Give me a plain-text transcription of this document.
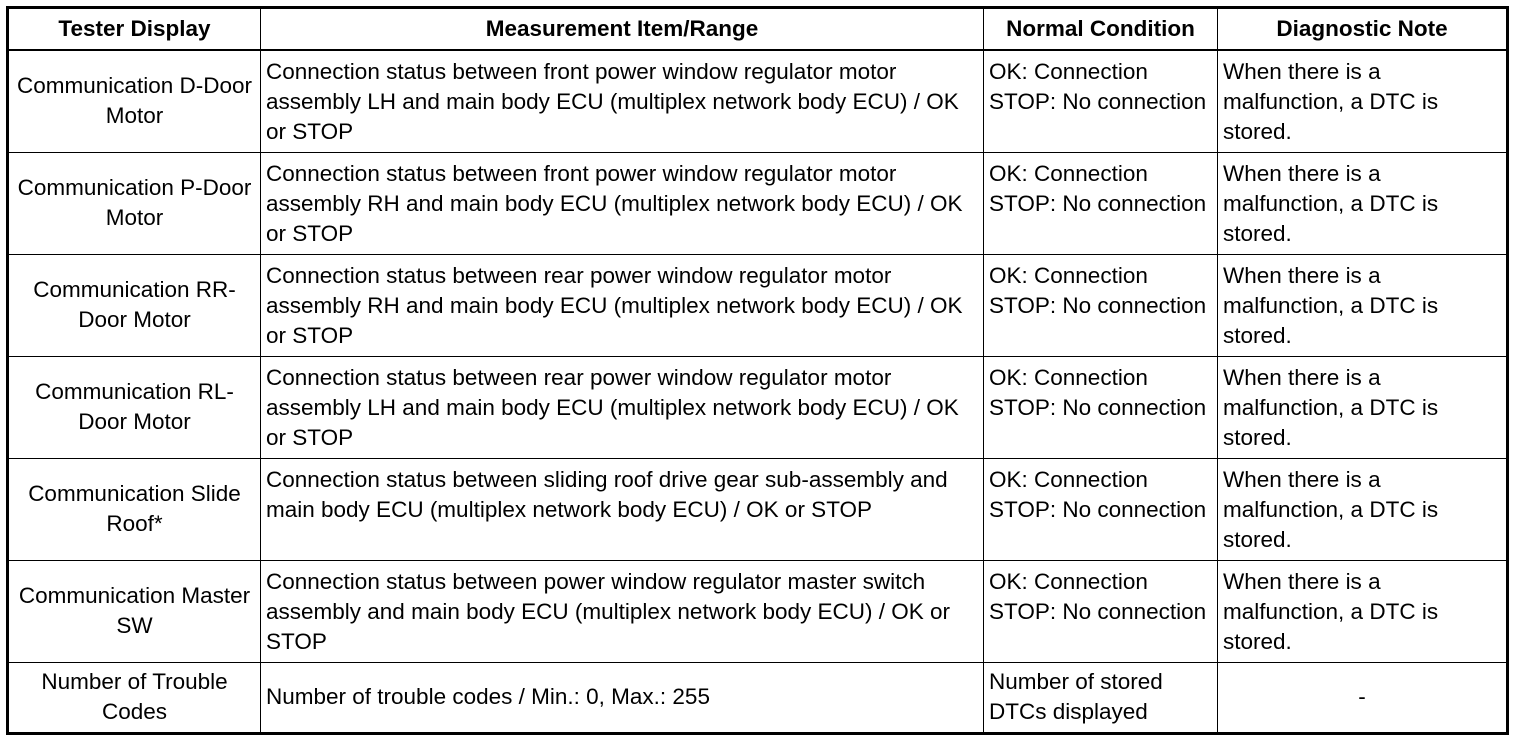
Tester Display	Measurement Item/Range	Normal Condition	Diagnostic Note
Communication D-Door Motor	Connection status between front power window regulator motor assembly LH and main body ECU (multiplex network body ECU) / OK or STOP	OK: Connection STOP: No connection	When there is a malfunction, a DTC is stored.
Communication P-Door Motor	Connection status between front power window regulator motor assembly RH and main body ECU (multiplex network body ECU) / OK or STOP	OK: Connection STOP: No connection	When there is a malfunction, a DTC is stored.
Communication RR-Door Motor	Connection status between rear power window regulator motor assembly RH and main body ECU (multiplex network body ECU) / OK or STOP	OK: Connection STOP: No connection	When there is a malfunction, a DTC is stored.
Communication RL-Door Motor	Connection status between rear power window regulator motor assembly LH and main body ECU (multiplex network body ECU) / OK or STOP	OK: Connection STOP: No connection	When there is a malfunction, a DTC is stored.
Communication Slide Roof*	Connection status between sliding roof drive gear sub-assembly and main body ECU (multiplex network body ECU) / OK or STOP	OK: Connection STOP: No connection	When there is a malfunction, a DTC is stored.
Communication Master SW	Connection status between power window regulator master switch assembly and main body ECU (multiplex network body ECU) / OK or STOP	OK: Connection STOP: No connection	When there is a malfunction, a DTC is stored.
Number of Trouble Codes	Number of trouble codes / Min.: 0, Max.: 255	Number of stored DTCs displayed	-
